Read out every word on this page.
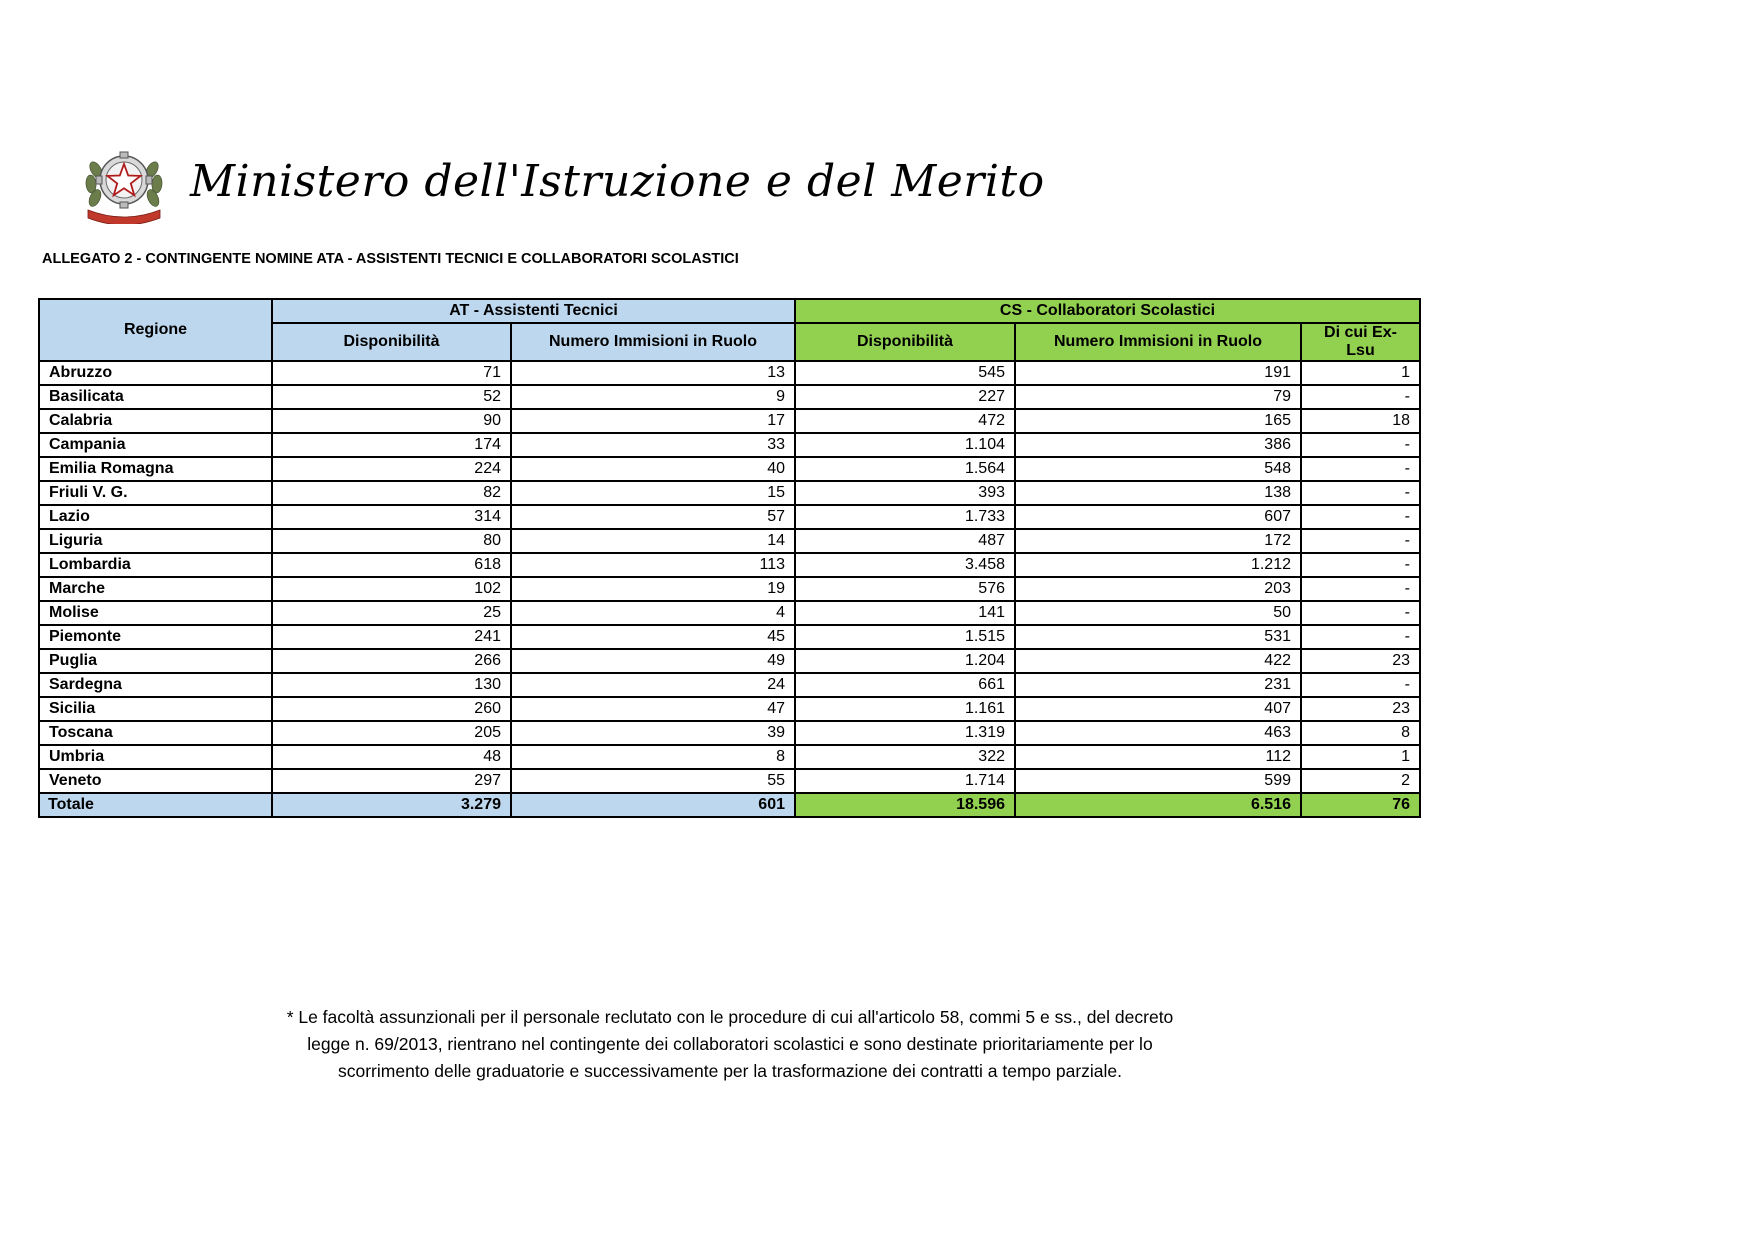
Ministero dell'Istruzione e del Merito
ALLEGATO 2 - CONTINGENTE NOMINE ATA - ASSISTENTI TECNICI E COLLABORATORI SCOLASTICI
Regione	AT - Assistenti Tecnici		CS - Collaboratori Scolastici		
	Disponibilità	Numero Immisioni in Ruolo	Disponibilità	Numero Immisioni in Ruolo	Di cui Ex- Lsu
Abruzzo	71	13	545	191	1
Basilicata	52	9	227	79	-
Calabria	90	17	472	165	18
Campania	174	33	1.104	386	-
Emilia Romagna	224	40	1.564	548	-
Friuli V. G.	82	15	393	138	-
Lazio	314	57	1.733	607	-
Liguria	80	14	487	172	-
Lombardia	618	113	3.458	1.212	-
Marche	102	19	576	203	-
Molise	25	4	141	50	-
Piemonte	241	45	1.515	531	-
Puglia	266	49	1.204	422	23
Sardegna	130	24	661	231	-
Sicilia	260	47	1.161	407	23
Toscana	205	39	1.319	463	8
Umbria	48	8	322	112	1
Veneto	297	55	1.714	599	2
Totale	3.279	601	18.596	6.516	76
* Le facoltà assunzionali per il personale reclutato con le procedure di cui all'articolo 58, commi 5 e ss., del decreto
legge n. 69/2013, rientrano nel contingente dei collaboratori scolastici e sono destinate prioritariamente per lo
scorrimento delle graduatorie e successivamente per la trasformazione dei contratti a tempo parziale.
